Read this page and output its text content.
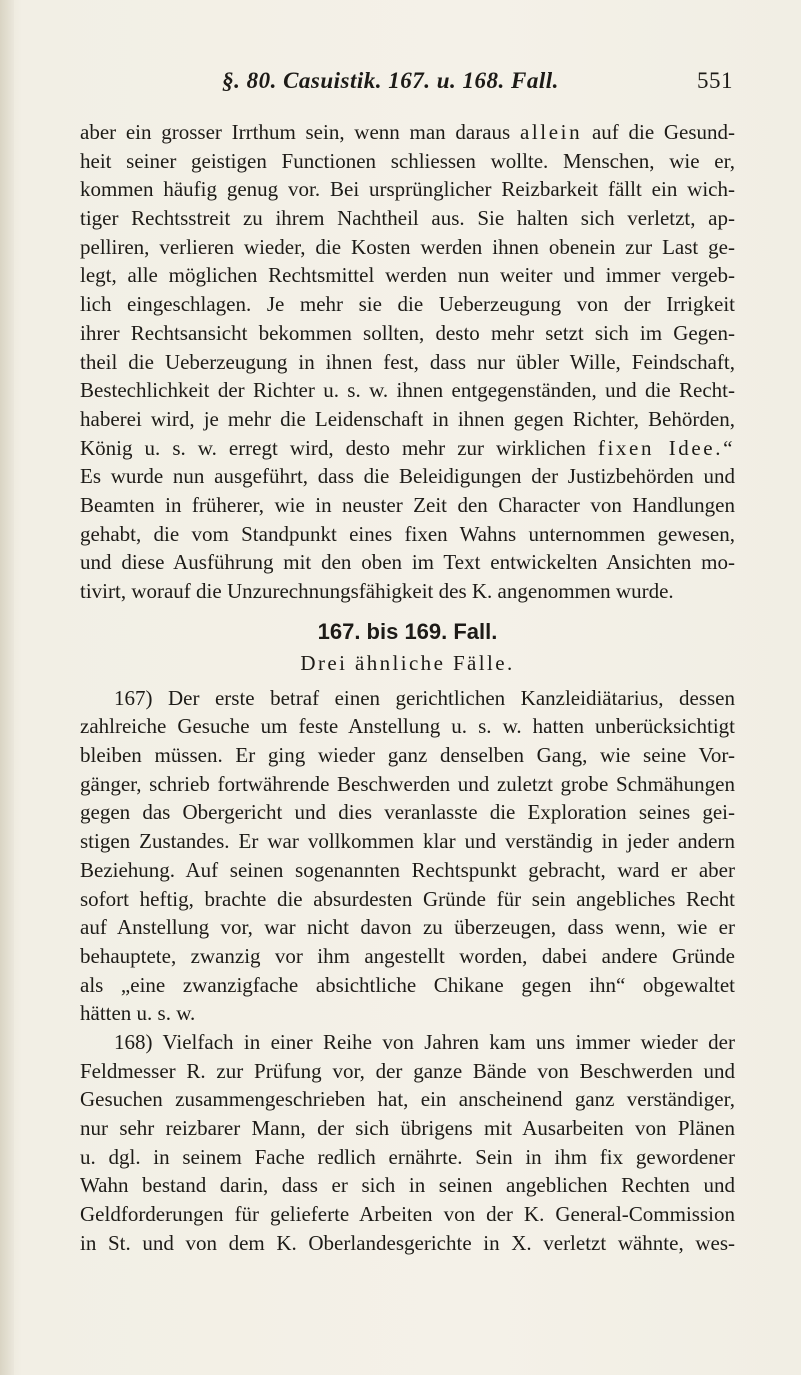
§. 80. Casuistik. 167. u. 168. Fall.	551
aber ein grosser Irrthum sein, wenn man daraus allein auf die Gesund-
heit seiner geistigen Functionen schliessen wollte. Menschen, wie er,
kommen häufig genug vor. Bei ursprünglicher Reizbarkeit fällt ein wich-
tiger Rechtsstreit zu ihrem Nachtheil aus. Sie halten sich verletzt, ap-
pelliren, verlieren wieder, die Kosten werden ihnen obenein zur Last ge-
legt, alle möglichen Rechtsmittel werden nun weiter und immer vergeb-
lich eingeschlagen. Je mehr sie die Ueberzeugung von der Irrigkeit
ihrer Rechtsansicht bekommen sollten, desto mehr setzt sich im Gegen-
theil die Ueberzeugung in ihnen fest, dass nur übler Wille, Feindschaft,
Bestechlichkeit der Richter u. s. w. ihnen entgegenständen, und die Recht-
haberei wird, je mehr die Leidenschaft in ihnen gegen Richter, Behörden,
König u. s. w. erregt wird, desto mehr zur wirklichen fixen Idee.“
Es wurde nun ausgeführt, dass die Beleidigungen der Justizbehörden und
Beamten in früherer, wie in neuster Zeit den Character von Handlungen
gehabt, die vom Standpunkt eines fixen Wahns unternommen gewesen,
und diese Ausführung mit den oben im Text entwickelten Ansichten mo-
tivirt, worauf die Unzurechnungsfähigkeit des K. angenommen wurde.
167. bis 169. Fall.
Drei ähnliche Fälle.
167) Der erste betraf einen gerichtlichen Kanzleidiätarius, dessen
zahlreiche Gesuche um feste Anstellung u. s. w. hatten unberücksichtigt
bleiben müssen. Er ging wieder ganz denselben Gang, wie seine Vor-
gänger, schrieb fortwährende Beschwerden und zuletzt grobe Schmähungen
gegen das Obergericht und dies veranlasste die Exploration seines gei-
stigen Zustandes. Er war vollkommen klar und verständig in jeder andern
Beziehung. Auf seinen sogenannten Rechtspunkt gebracht, ward er aber
sofort heftig, brachte die absurdesten Gründe für sein angebliches Recht
auf Anstellung vor, war nicht davon zu überzeugen, dass wenn, wie er
behauptete, zwanzig vor ihm angestellt worden, dabei andere Gründe
als „eine zwanzigfache absichtliche Chikane gegen ihn“ obgewaltet
hätten u. s. w.
168) Vielfach in einer Reihe von Jahren kam uns immer wieder der
Feldmesser R. zur Prüfung vor, der ganze Bände von Beschwerden und
Gesuchen zusammengeschrieben hat, ein anscheinend ganz verständiger,
nur sehr reizbarer Mann, der sich übrigens mit Ausarbeiten von Plänen
u. dgl. in seinem Fache redlich ernährte. Sein in ihm fix gewordener
Wahn bestand darin, dass er sich in seinen angeblichen Rechten und
Geldforderungen für gelieferte Arbeiten von der K. General-Commission
in St. und von dem K. Oberlandesgerichte in X. verletzt wähnte, wes-
